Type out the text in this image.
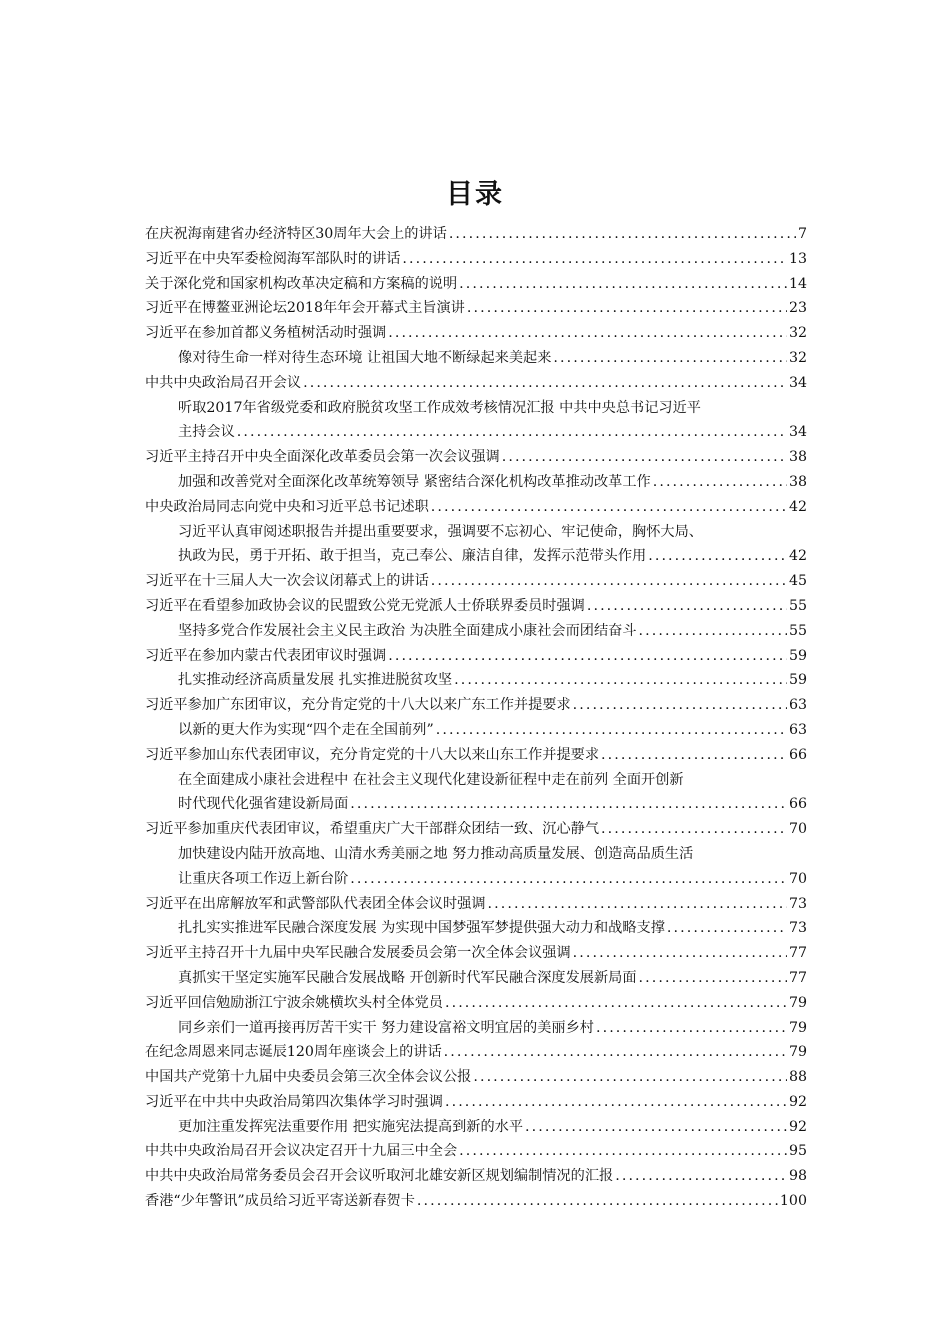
目录
在庆祝海南建省办经济特区30周年大会上的讲话 . . .	7
习近平在中央军委检阅海军部队时的讲话 . . .	13
关于深化党和国家机构改革决定稿和方案稿的说明 . . .	14
习近平在博鳌亚洲论坛2018年年会开幕式主旨演讲 . . .	23
习近平在参加首都义务植树活动时强调 . . .	32
像对待生命一样对待生态环境 让祖国大地不断绿起来美起来 . . .	32
中共中央政治局召开会议 . . .	34
听取2017年省级党委和政府脱贫攻坚工作成效考核情况汇报 中共中央总书记习近平
主持会议 . . .	34
习近平主持召开中央全面深化改革委员会第一次会议强调 . . .	38
加强和改善党对全面深化改革统筹领导 紧密结合深化机构改革推动改革工作 . . .	38
中央政治局同志向党中央和习近平总书记述职 . . .	42
习近平认真审阅述职报告并提出重要要求，强调要不忘初心、牢记使命，胸怀大局、
执政为民，勇于开拓、敢于担当，克己奉公、廉洁自律，发挥示范带头作用 . . .	42
习近平在十三届人大一次会议闭幕式上的讲话 . . .	45
习近平在看望参加政协会议的民盟致公党无党派人士侨联界委员时强调 . . .	55
坚持多党合作发展社会主义民主政治 为决胜全面建成小康社会而团结奋斗 . . .	55
习近平在参加内蒙古代表团审议时强调 . . .	59
扎实推动经济高质量发展 扎实推进脱贫攻坚 . . .	59
习近平参加广东团审议，充分肯定党的十八大以来广东工作并提要求 . . .	63
以新的更大作为实现“四个走在全国前列” . . .	63
习近平参加山东代表团审议，充分肯定党的十八大以来山东工作并提要求 . . .	66
在全面建成小康社会进程中 在社会主义现代化建设新征程中走在前列 全面开创新
时代现代化强省建设新局面 . . .	66
习近平参加重庆代表团审议，希望重庆广大干部群众团结一致、沉心静气 . . .	70
加快建设内陆开放高地、山清水秀美丽之地 努力推动高质量发展、创造高品质生活
让重庆各项工作迈上新台阶 . . .	70
习近平在出席解放军和武警部队代表团全体会议时强调 . . .	73
扎扎实实推进军民融合深度发展 为实现中国梦强军梦提供强大动力和战略支撑 . . .	73
习近平主持召开十九届中央军民融合发展委员会第一次全体会议强调 . . .	77
真抓实干坚定实施军民融合发展战略 开创新时代军民融合深度发展新局面 . . .	77
习近平回信勉励浙江宁波余姚横坎头村全体党员 . . .	79
同乡亲们一道再接再厉苦干实干 努力建设富裕文明宜居的美丽乡村 . . .	79
在纪念周恩来同志诞辰120周年座谈会上的讲话 . . .	79
中国共产党第十九届中央委员会第三次全体会议公报 . . .	88
习近平在中共中央政治局第四次集体学习时强调 . . .	92
更加注重发挥宪法重要作用 把实施宪法提高到新的水平 . . .	92
中共中央政治局召开会议决定召开十九届三中全会 . . .	95
中共中央政治局常务委员会召开会议听取河北雄安新区规划编制情况的汇报 . . .	98
香港“少年警讯”成员给习近平寄送新春贺卡 . . .	100
